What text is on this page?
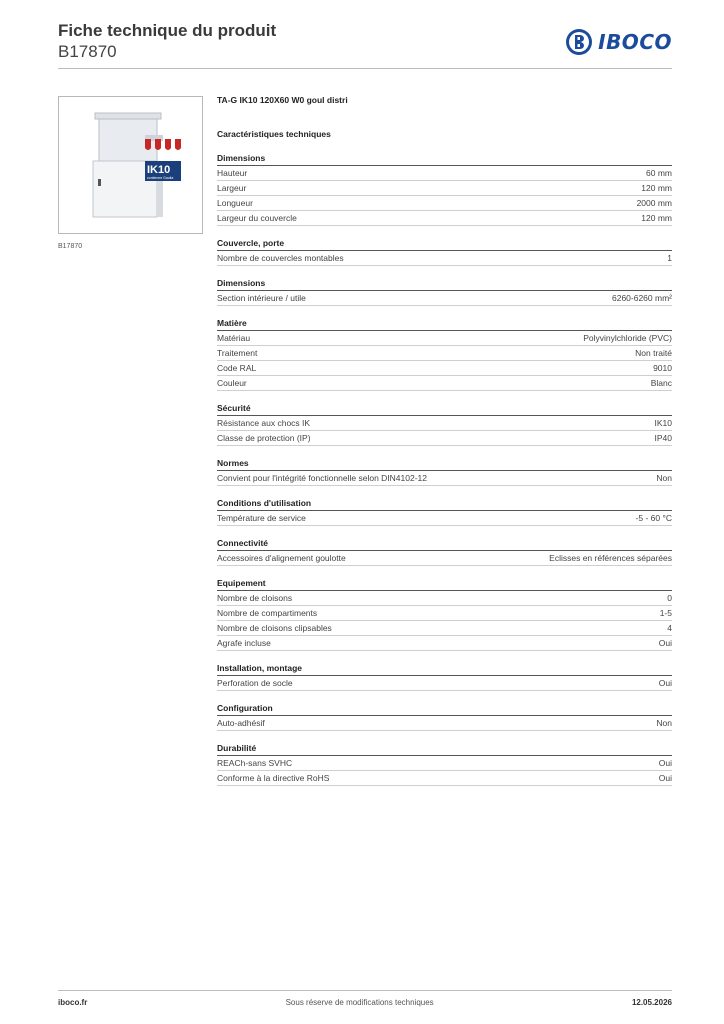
Fiche technique du produit
B17870	IBOCO
IK10
contienne Gaulia
B17870
TA-G IK10 120X60 W0 goul distri
Caractéristiques techniques
Dimensions
Hauteur	60 mm
Largeur	120 mm
Longueur	2000 mm
Largeur du couvercle	120 mm
Couvercle, porte
Nombre de couvercles montables	1
Dimensions
Section intérieure / utile	6260-6260 mm²
Matière
Matériau	Polyvinylchloride (PVC)
Traitement	Non traité
Code RAL	9010
Couleur	Blanc
Sécurité
Résistance aux chocs IK	IK10
Classe de protection (IP)	IP40
Normes
Convient pour l'intégrité fonctionnelle selon DIN4102-12	Non
Conditions d'utilisation
Température de service	-5 - 60 °C
Connectivité
Accessoires d'alignement goulotte	Eclisses en références séparées
Equipement
Nombre de cloisons	0
Nombre de compartiments	1-5
Nombre de cloisons clipsables	4
Agrafe incluse	Oui
Installation, montage
Perforation de socle	Oui
Configuration
Auto-adhésif	Non
Durabilité
REACh-sans SVHC	Oui
Conforme à la directive RoHS	Oui
iboco.fr	Sous réserve de modifications techniques	12.05.2026
